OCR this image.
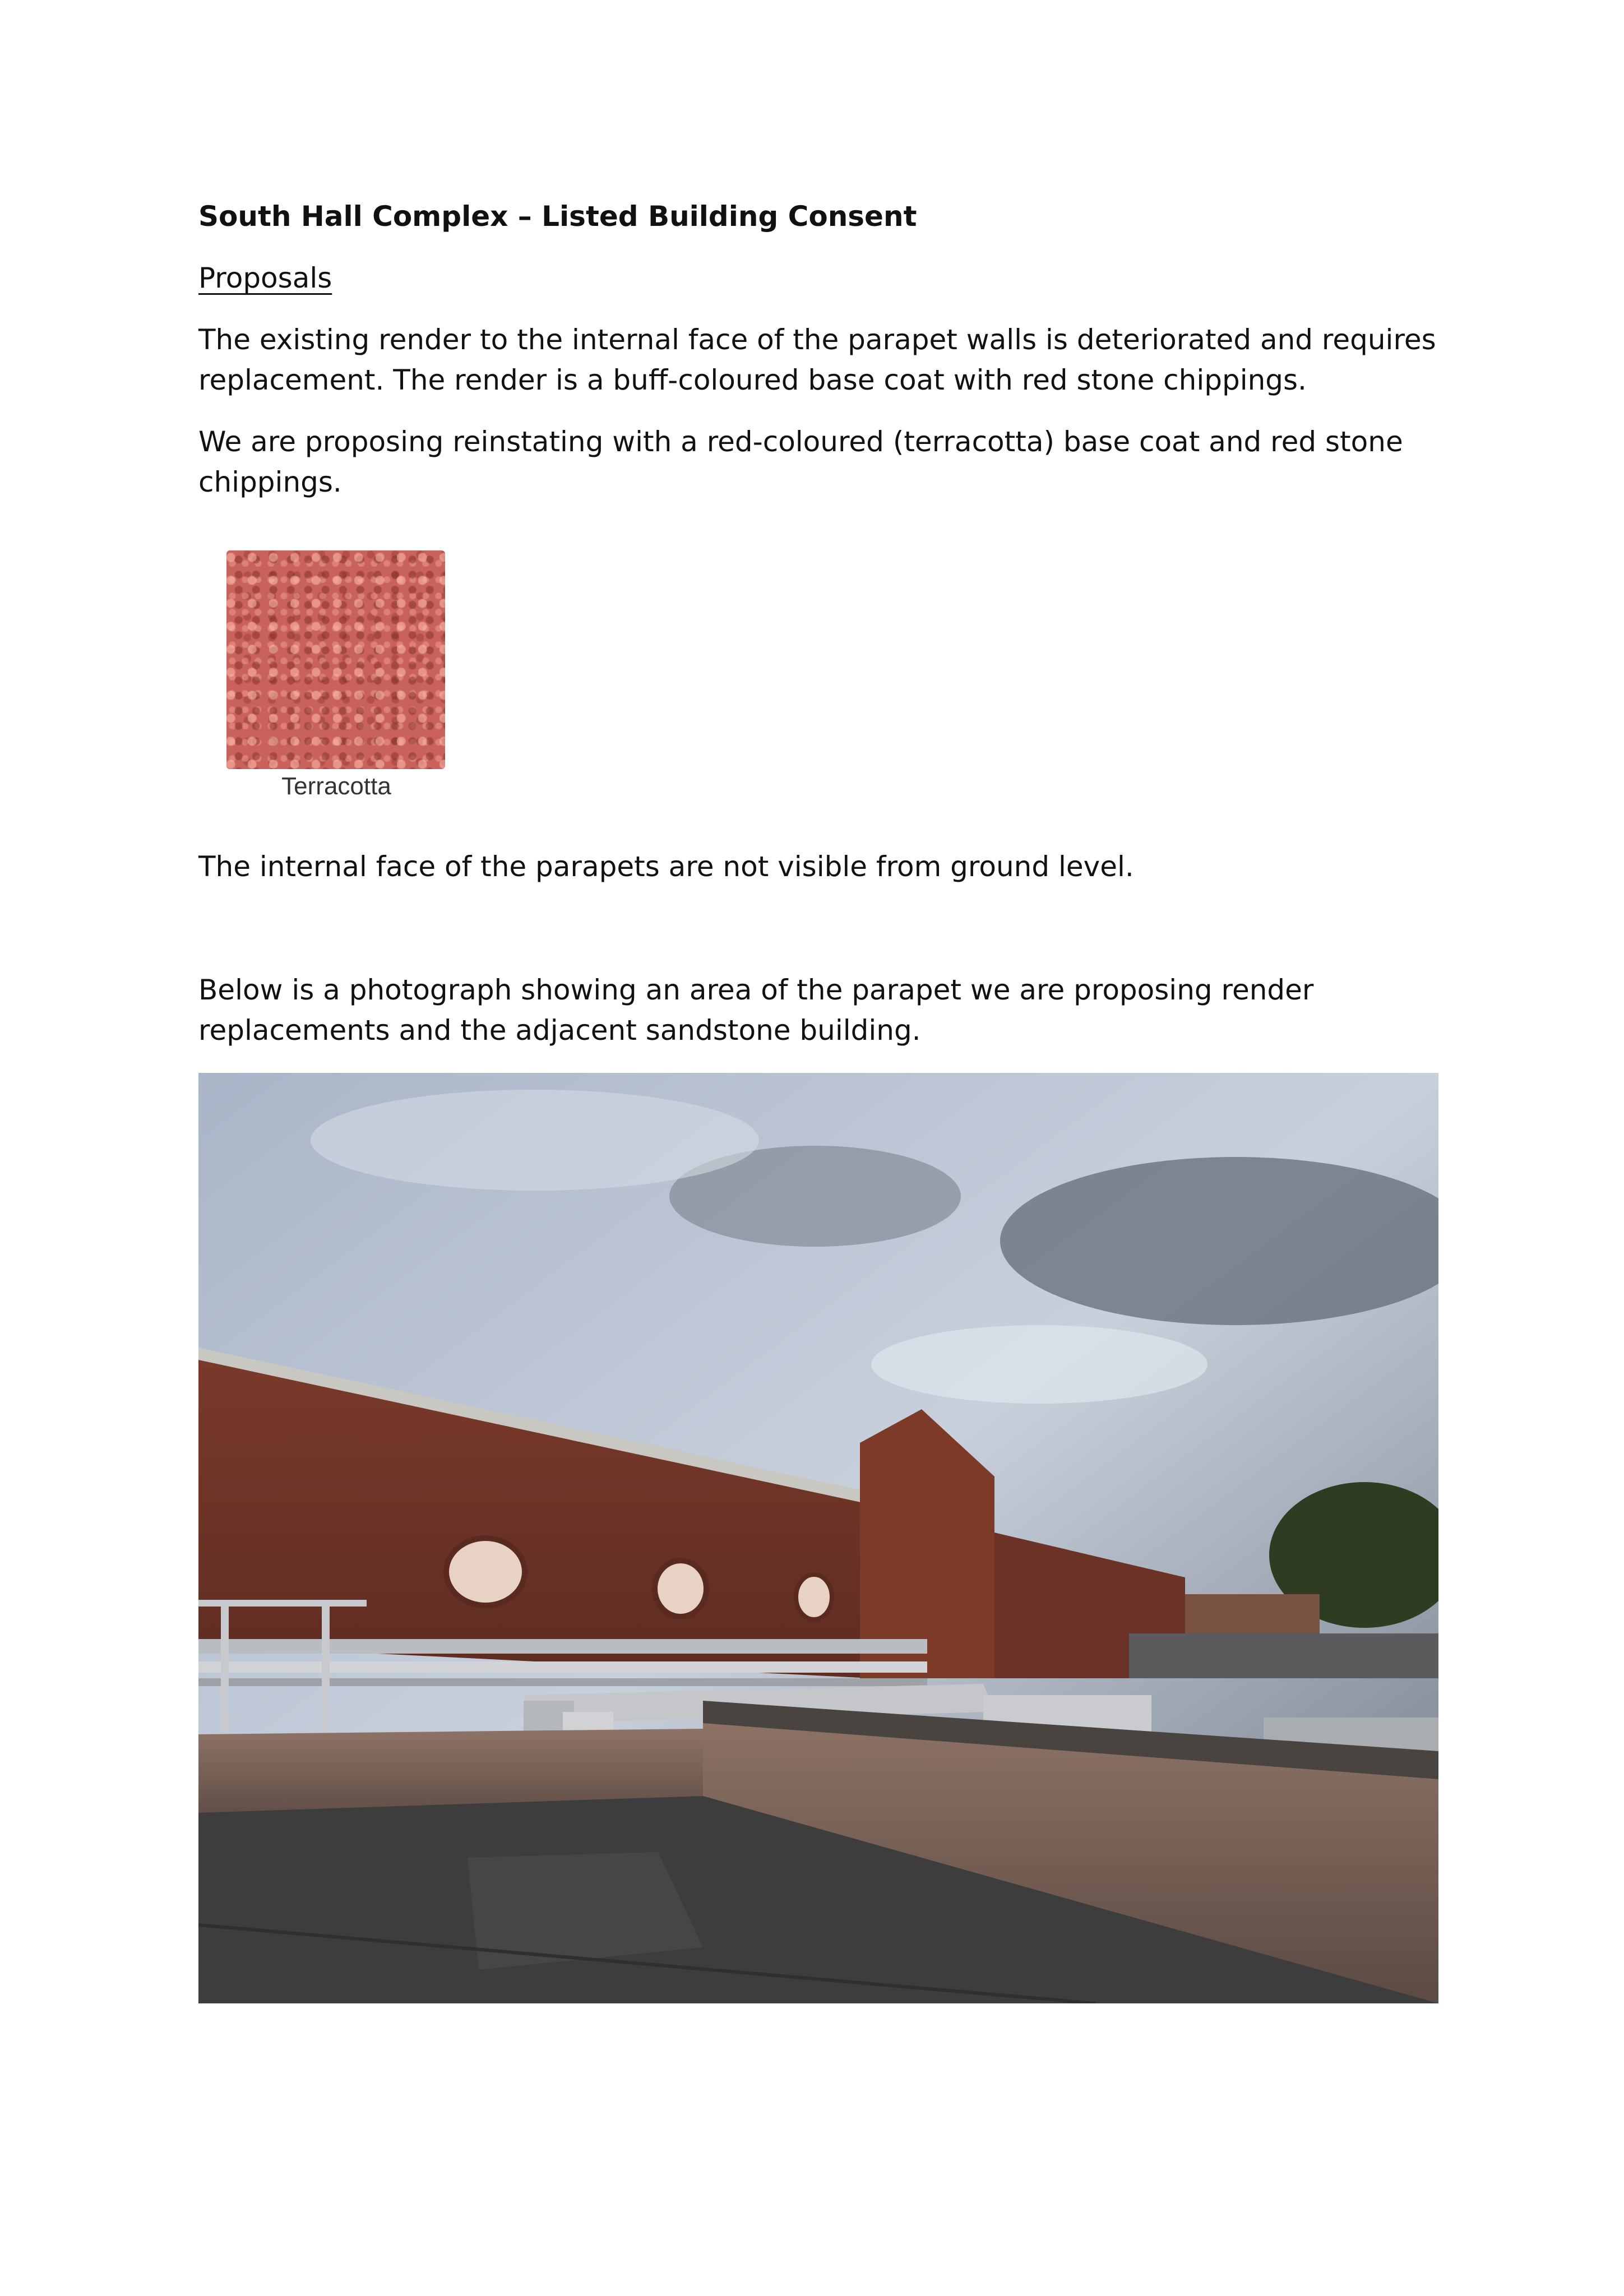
South Hall Complex – Listed Building Consent

Proposals

The existing render to the internal face of the parapet walls is deteriorated and requires replacement. The render is a buff-coloured base coat with red stone chippings.

We are proposing reinstating with a red-coloured (terracotta) base coat and red stone chippings.

Terracotta

The internal face of the parapets are not visible from ground level.

Below is a photograph showing an area of the parapet we are proposing render replacements and the adjacent sandstone building.
